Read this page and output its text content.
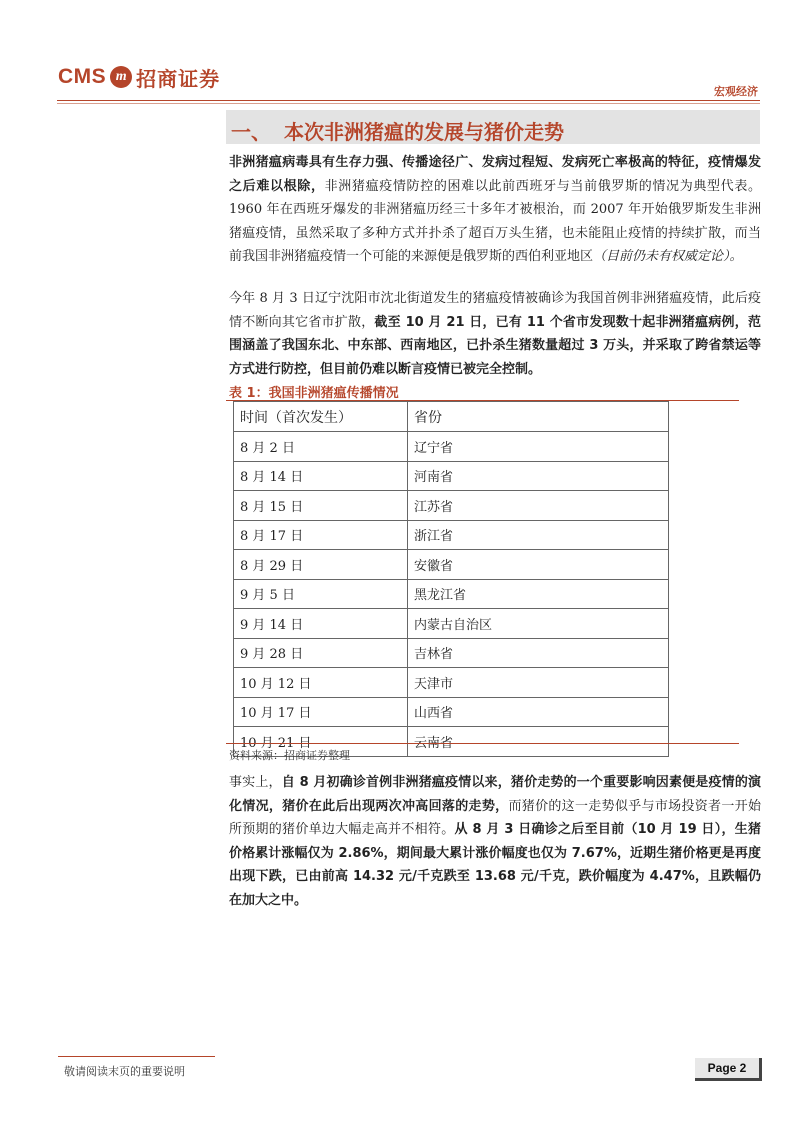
CMS m 招商证券
宏观经济
一、 本次非洲猪瘟的发展与猪价走势
非洲猪瘟病毒具有生存力强、传播途径广、发病过程短、发病死亡率极高的特征，疫情爆发之后难以根除，非洲猪瘟疫情防控的困难以此前西班牙与当前俄罗斯的情况为典型代表。1960 年在西班牙爆发的非洲猪瘟历经三十多年才被根治，而 2007 年开始俄罗斯发生非洲猪瘟疫情，虽然采取了多种方式并扑杀了超百万头生猪，也未能阻止疫情的持续扩散，而当前我国非洲猪瘟疫情一个可能的来源便是俄罗斯的西伯利亚地区（目前仍未有权威定论）。
今年 8 月 3 日辽宁沈阳市沈北街道发生的猪瘟疫情被确诊为我国首例非洲猪瘟疫情，此后疫情不断向其它省市扩散，截至 10 月 21 日，已有 11 个省市发现数十起非洲猪瘟病例，范围涵盖了我国东北、中东部、西南地区，已扑杀生猪数量超过 3 万头，并采取了跨省禁运等方式进行防控，但目前仍难以断言疫情已被完全控制。
表 1：我国非洲猪瘟传播情况
时间（首次发生）	省份
8 月 2 日	辽宁省
8 月 14 日	河南省
8 月 15 日	江苏省
8 月 17 日	浙江省
8 月 29 日	安徽省
9 月 5 日	黑龙江省
9 月 14 日	内蒙古自治区
9 月 28 日	吉林省
10 月 12 日	天津市
10 月 17 日	山西省
10 月 21 日	云南省
资料来源：招商证券整理
事实上，自 8 月初确诊首例非洲猪瘟疫情以来，猪价走势的一个重要影响因素便是疫情的演化情况，猪价在此后出现两次冲高回落的走势，而猪价的这一走势似乎与市场投资者一开始所预期的猪价单边大幅走高并不相符。从 8 月 3 日确诊之后至目前（10 月 19 日），生猪价格累计涨幅仅为 2.86%，期间最大累计涨价幅度也仅为 7.67%，近期生猪价格更是再度出现下跌，已由前高 14.32 元/千克跌至 13.68 元/千克，跌价幅度为 4.47%，且跌幅仍在加大之中。
敬请阅读末页的重要说明	Page 2
